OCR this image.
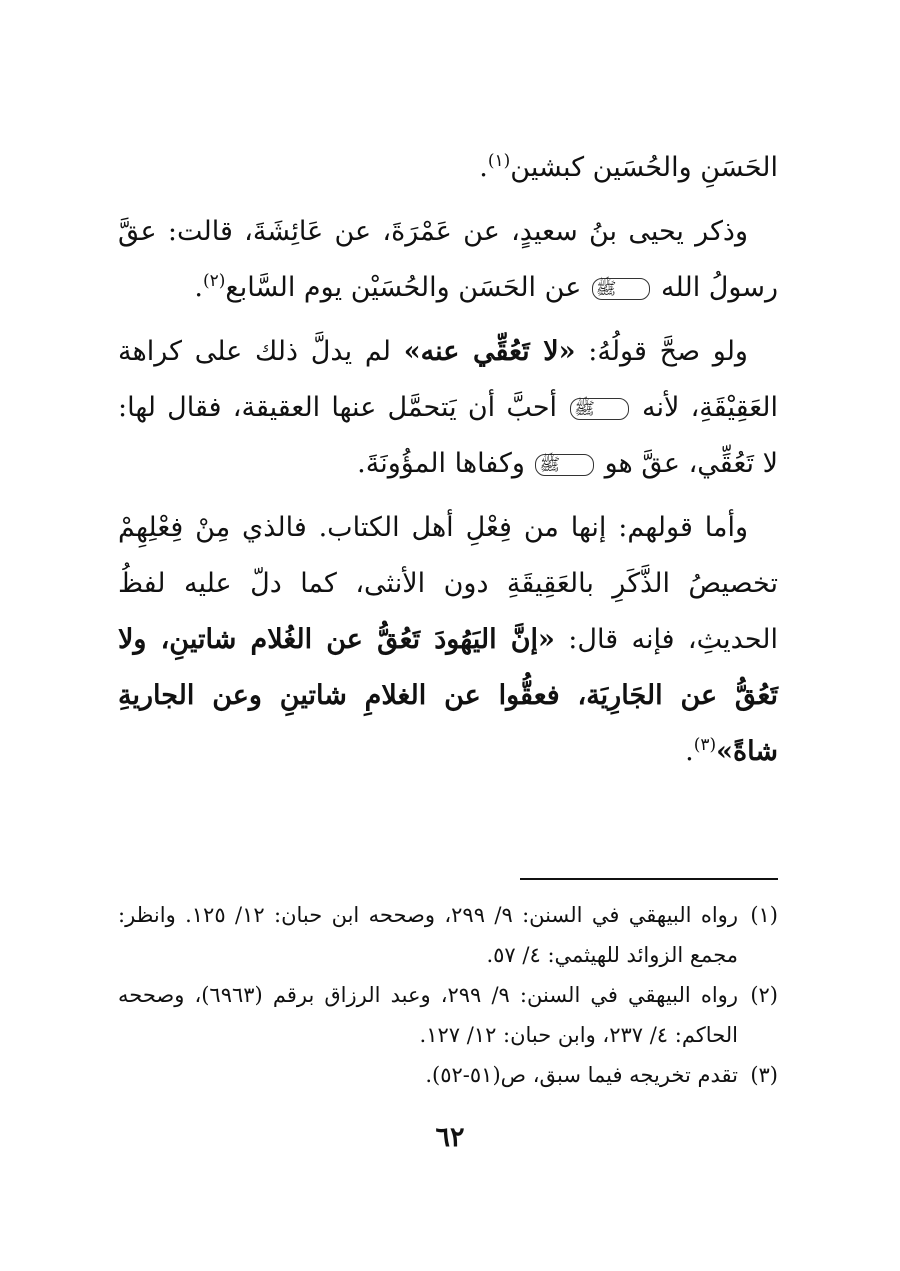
الحَسَنِ والحُسَين كبشين$^{(١)}$.

وذكر يحيى بنُ سعيدٍ، عن عَمْرَةَ، عن عَائِشَةَ، قالت: عقَّ رسولُ الله ﷺ عن الحَسَن والحُسَيْن يوم السَّابع$^{(٢)}$.

ولو صحَّ قولُهُ: «لا تَعُقِّي عنه» لم يدلَّ ذلك على كراهة العَقِيْقَةِ، لأنه ﷺ أحبَّ أن يَتحمَّل عنها العقيقة، فقال لها: لا تَعُقِّي، عقَّ هو ﷺ وكفاها المؤُونَةَ.

وأما قولهم: إنها من فِعْلِ أهل الكتاب. فالذي مِنْ فِعْلِهِمْ تخصيصُ الذَّكَرِ بالعَقِيقَةِ دون الأنثى، كما دلّ عليه لفظُ الحديثِ، فإنه قال: «إنَّ اليَهُودَ تَعُقُّ عن الغُلام شاتينِ، ولا تَعُقُّ عن الجَارِيَة، فعقُّوا عن الغلامِ شاتينِ وعن الجاريةِ شاةً»$^{(٣)}$.

(١)
رواه البيهقي في السنن: ٩/ ٢٩٩، وصححه ابن حبان: ١٢/ ١٢٥. وانظر: مجمع الزوائد للهيثمي: ٤/ ٥٧.
(٢)
رواه البيهقي في السنن: ٩/ ٢٩٩، وعبد الرزاق برقم (٦٩٦٣)، وصححه الحاكم: ٤/ ٢٣٧، وابن حبان: ١٢/ ١٢٧.
(٣)
تقدم تخريجه فيما سبق، ص(٥١-٥٢).
٦٢
